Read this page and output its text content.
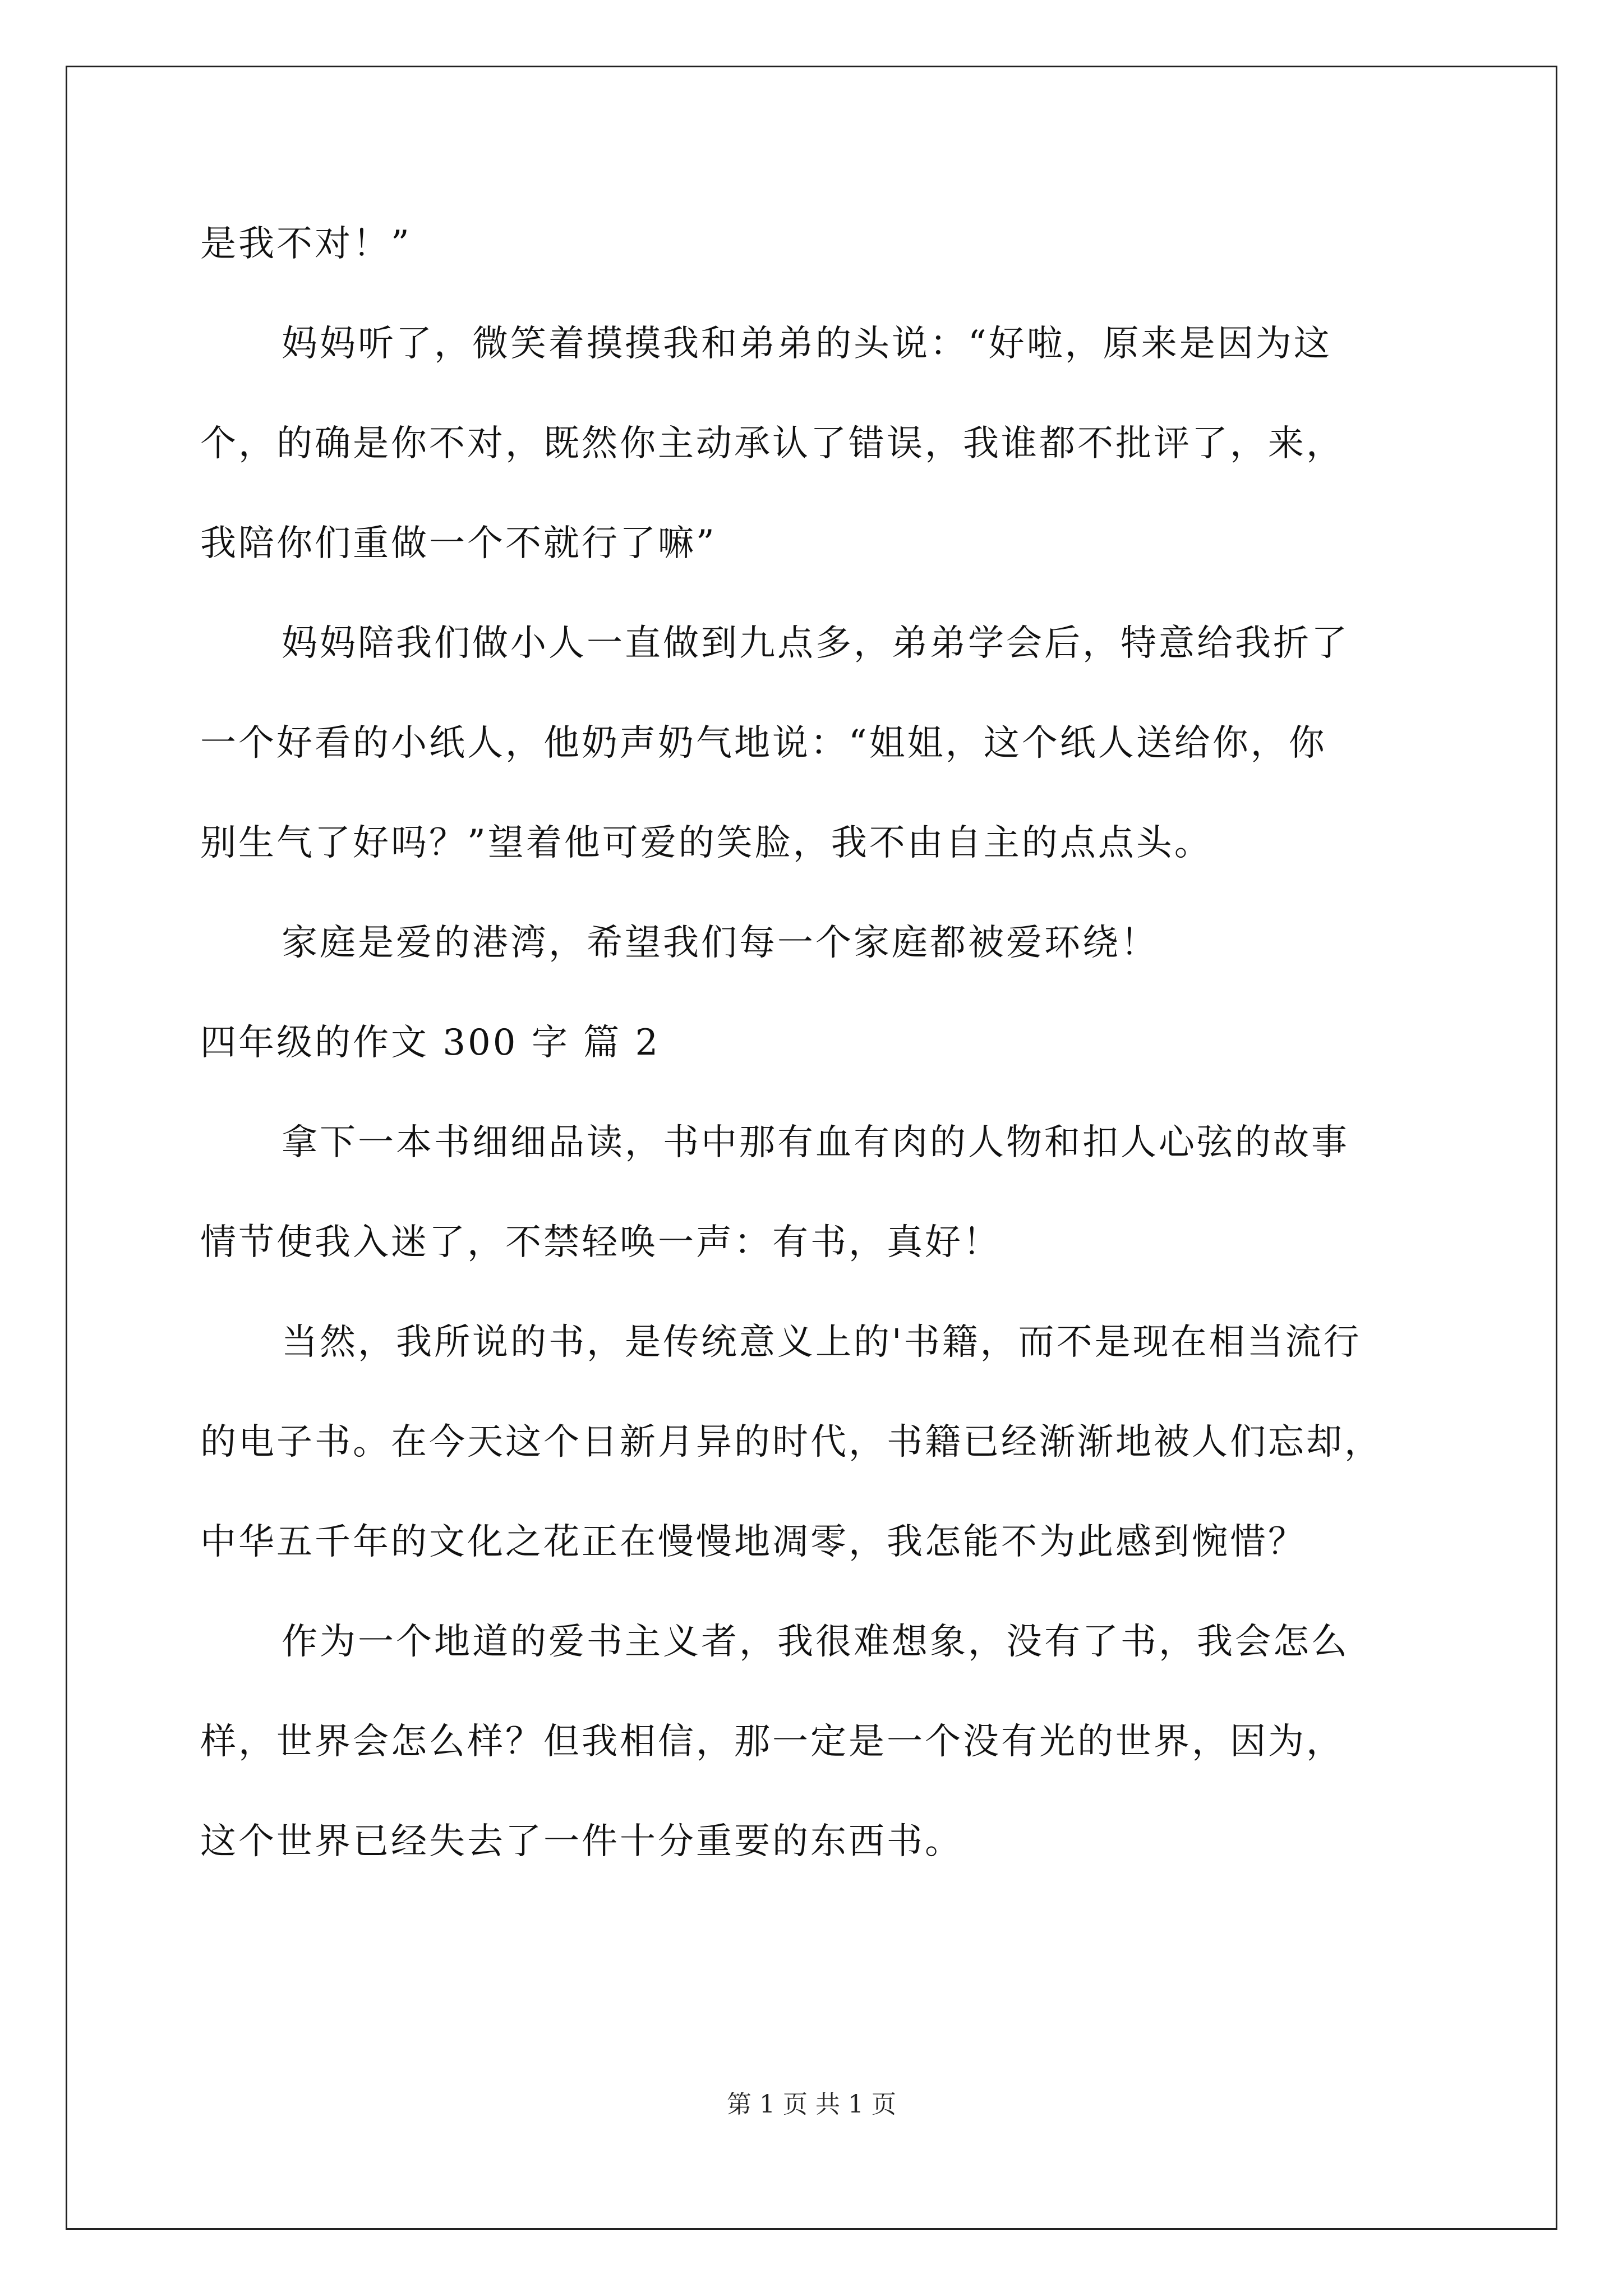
是我不对！”
妈妈听了，微笑着摸摸我和弟弟的头说：“好啦，原来是因为这
个，的确是你不对，既然你主动承认了错误，我谁都不批评了，来，
我陪你们重做一个不就行了嘛”
妈妈陪我们做小人一直做到九点多，弟弟学会后，特意给我折了
一个好看的小纸人，他奶声奶气地说：“姐姐，这个纸人送给你，你
别生气了好吗？”望着他可爱的笑脸，我不由自主的点点头。
家庭是爱的港湾，希望我们每一个家庭都被爱环绕！
四年级的作文 300 字 篇 2
拿下一本书细细品读，书中那有血有肉的人物和扣人心弦的故事
情节使我入迷了，不禁轻唤一声：有书，真好！
当然，我所说的书，是传统意义上的'书籍，而不是现在相当流行
的电子书。在今天这个日新月异的时代，书籍已经渐渐地被人们忘却，
中华五千年的文化之花正在慢慢地凋零，我怎能不为此感到惋惜？
作为一个地道的爱书主义者，我很难想象，没有了书，我会怎么
样，世界会怎么样？但我相信，那一定是一个没有光的世界，因为，
这个世界已经失去了一件十分重要的东西书。
第 1 页 共 1 页
